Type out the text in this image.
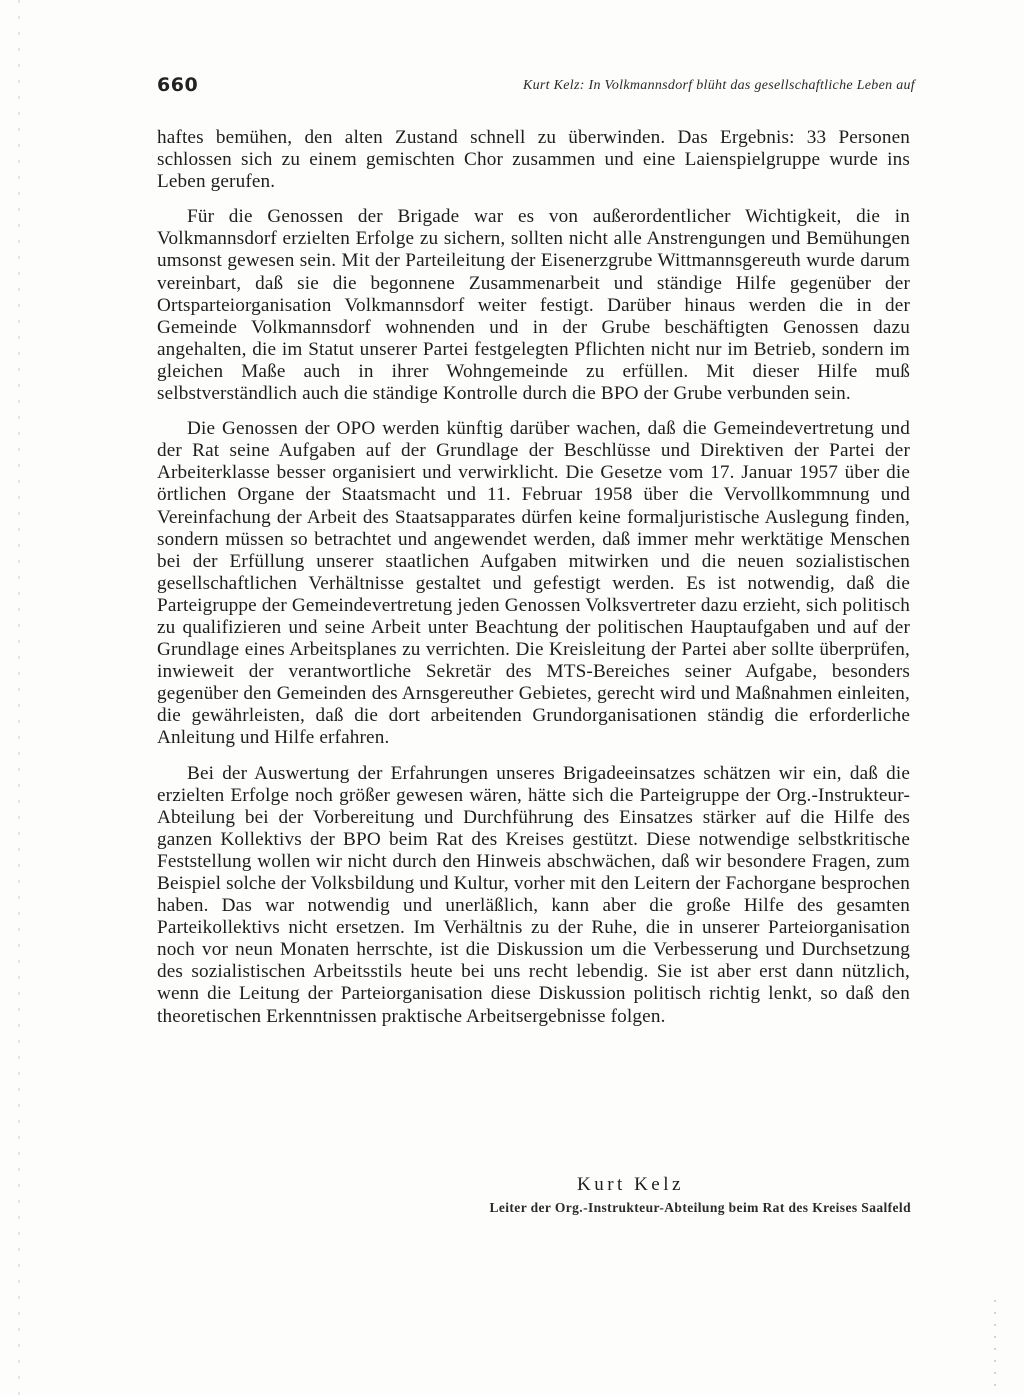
660	Kurt Kelz: In Volkmannsdorf blüht das gesellschaftliche Leben auf

haftes bemühen, den alten Zustand schnell zu überwinden. Das Ergebnis: 33 Personen schlossen sich zu einem gemischten Chor zusammen und eine Laienspielgruppe wurde ins Leben gerufen.

Für die Genossen der Brigade war es von außerordentlicher Wichtigkeit, die in Volkmannsdorf erzielten Erfolge zu sichern, sollten nicht alle Anstrengungen und Bemühungen umsonst gewesen sein. Mit der Parteileitung der Eisenerzgrube Wittmannsgereuth wurde darum vereinbart, daß sie die begonnene Zusammenarbeit und ständige Hilfe gegenüber der Ortsparteiorganisation Volkmannsdorf weiter festigt. Darüber hinaus werden die in der Gemeinde Volkmannsdorf wohnenden und in der Grube beschäftigten Genossen dazu angehalten, die im Statut unserer Partei festgelegten Pflichten nicht nur im Betrieb, sondern im gleichen Maße auch in ihrer Wohngemeinde zu erfüllen. Mit dieser Hilfe muß selbstverständlich auch die ständige Kontrolle durch die BPO der Grube verbunden sein.

Die Genossen der OPO werden künftig darüber wachen, daß die Gemeindevertretung und der Rat seine Aufgaben auf der Grundlage der Beschlüsse und Direktiven der Partei der Arbeiterklasse besser organisiert und verwirklicht. Die Gesetze vom 17. Januar 1957 über die örtlichen Organe der Staatsmacht und 11. Februar 1958 über die Vervollkommnung und Vereinfachung der Arbeit des Staatsapparates dürfen keine formaljuristische Auslegung finden, sondern müssen so betrachtet und angewendet werden, daß immer mehr werktätige Menschen bei der Erfüllung unserer staatlichen Aufgaben mitwirken und die neuen sozialistischen gesellschaftlichen Verhältnisse gestaltet und gefestigt werden. Es ist notwendig, daß die Parteigruppe der Gemeindevertretung jeden Genossen Volksvertreter dazu erzieht, sich politisch zu qualifizieren und seine Arbeit unter Beachtung der politischen Hauptaufgaben und auf der Grundlage eines Arbeitsplanes zu verrichten. Die Kreisleitung der Partei aber sollte überprüfen, inwieweit der verantwortliche Sekretär des MTS-Bereiches seiner Aufgabe, besonders gegenüber den Gemeinden des Arnsgereuther Gebietes, gerecht wird und Maßnahmen einleiten, die gewährleisten, daß die dort arbeitenden Grundorganisationen ständig die erforderliche Anleitung und Hilfe erfahren.

Bei der Auswertung der Erfahrungen unseres Brigadeeinsatzes schätzen wir ein, daß die erzielten Erfolge noch größer gewesen wären, hätte sich die Parteigruppe der Org.-Instrukteur-Abteilung bei der Vorbereitung und Durchführung des Einsatzes stärker auf die Hilfe des ganzen Kollektivs der BPO beim Rat des Kreises gestützt. Diese notwendige selbstkritische Feststellung wollen wir nicht durch den Hinweis abschwächen, daß wir besondere Fragen, zum Beispiel solche der Volksbildung und Kultur, vorher mit den Leitern der Fachorgane besprochen haben. Das war notwendig und unerläßlich, kann aber die große Hilfe des gesamten Parteikollektivs nicht ersetzen. Im Verhältnis zu der Ruhe, die in unserer Parteiorganisation noch vor neun Monaten herrschte, ist die Diskussion um die Verbesserung und Durchsetzung des sozialistischen Arbeitsstils heute bei uns recht lebendig. Sie ist aber erst dann nützlich, wenn die Leitung der Parteiorganisation diese Diskussion politisch richtig lenkt, so daß den theoretischen Erkenntnissen praktische Arbeitsergebnisse folgen.

Kurt Kelz
Leiter der Org.-Instrukteur-Abteilung beim Rat des Kreises Saalfeld
